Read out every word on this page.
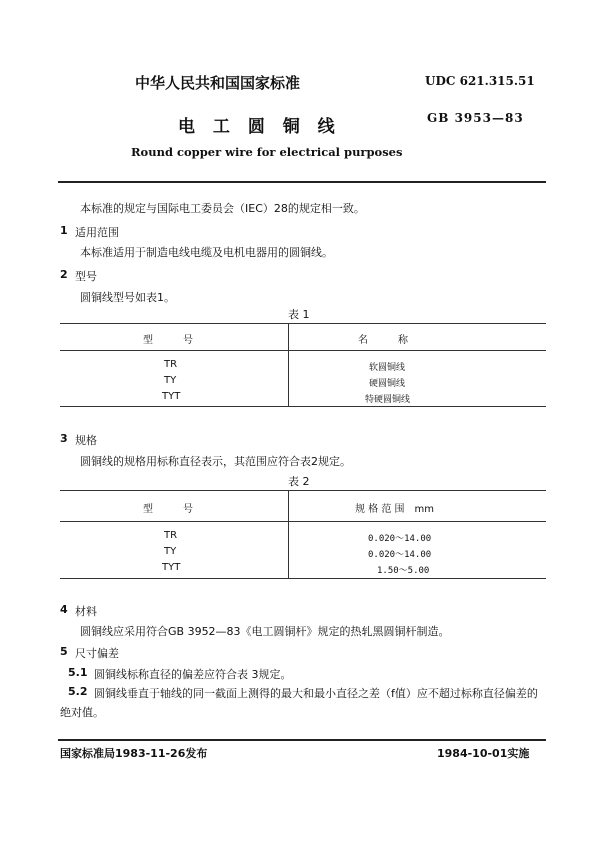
中华人民共和国国家标准	UDC 621.315.51
电 工 圆 铜 线	GB 3953—83
Round copper wire for electrical purposes
本标准的规定与国际电工委员会（IEC）28的规定相一致。
1 适用范围
本标准适用于制造电线电缆及电机电器用的圆铜线。
2 型号
圆铜线型号如表1。
表 1
型　　　号	名　　　称
TR	软圆铜线
TY	硬圆铜线
TYT	特硬圆铜线
3 规格
圆铜线的规格用标称直径表示，其范围应符合表2规定。
表 2
型　　　号	规 格 范 围　mm
TR	0.020～14.00
TY	0.020～14.00
TYT	1.50～5.00
4 材料
圆铜线应采用符合GB 3952—83《电工圆铜杆》规定的热轧黑圆铜杆制造。
5 尺寸偏差
5.1 圆铜线标称直径的偏差应符合表 3规定。
5.2 圆铜线垂直于轴线的同一截面上测得的最大和最小直径之差（f值）应不超过标称直径偏差的
绝对值。
国家标准局1983-11-26发布	1984-10-01实施
